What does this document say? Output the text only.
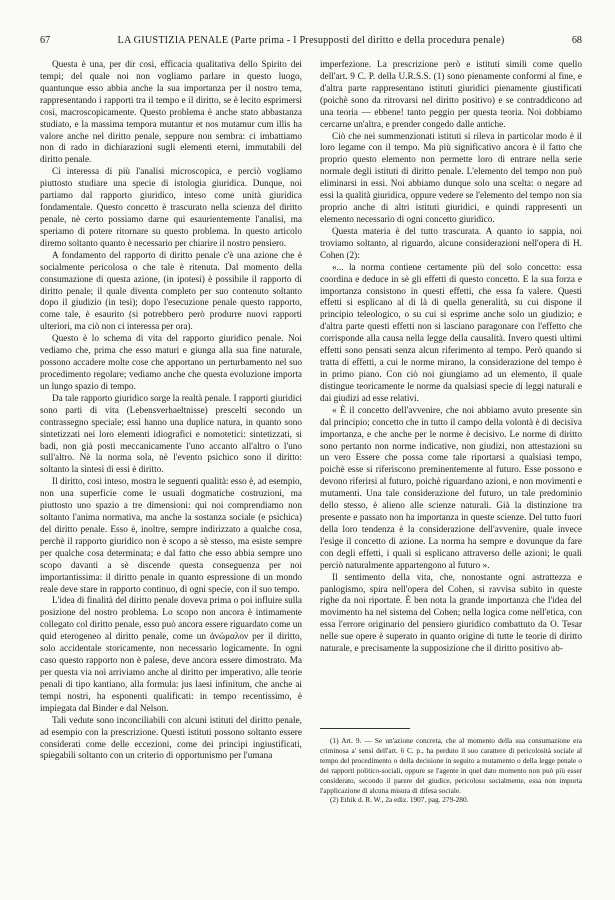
67	LA GIUSTIZIA PENALE (Parte prima - I Presupposti del diritto e della procedura penale)	68

Questa è una, per dir così, efficacia qualitativa dello Spirito dei tempi; del quale noi non vogliamo parlare in questo luogo, quantunque esso abbia anche la sua importanza per il nostro tema, rappresentando i rapporti tra il tempo e il diritto, se è lecito esprimersi così, macroscopicamente. Questo problema è anche stato abbastanza studiato, e la massima tempora mutantur et nos mutamur cum illis ha valore anche nel diritto penale, seppure non sembra: ci imbattiamo non di rado in dichiarazioni sugli elementi eterni, immutabili del diritto penale.

Ci interessa di più l'analisi microscopica, e perciò vogliamo piuttosto studiare una specie di istologia giuridica. Dunque, noi partiamo dal rapporto giuridico, inteso come unità giuridica fondamentale. Questo concetto è trascurato nella scienza del diritto penale, nè certo possiamo darne qui esaurientemente l'analisi, ma speriamo di potere ritornare su questo problema. In questo articolo diremo soltanto quanto è necessario per chiarire il nostro pensiero.

A fondamento del rapporto di diritto penale c'è una azione che è socialmente pericolosa o che tale è ritenuta. Dal momento della consumazione di questa azione, (in ipotesi) è possibile il rapporto di diritto penale; il quale diventa completo per suo contenuto soltanto dopo il giudizio (in tesi); dopo l'esecuzione penale questo rapporto, come tale, è esaurito (si potrebbero però produrre nuovi rapporti ulteriori, ma ciò non ci interessa per ora).

Questo è lo schema di vita del rapporto giuridico penale. Noi vediamo che, prima che esso maturi e giunga alla sua fine naturale, possono accadere molte cose che apportano un perturbamento nel suo procedimento regolare; vediamo anche che questa evoluzione importa un lungo spazio di tempo.

Da tale rapporto giuridico sorge la realtà penale. I rapporti giuridici sono parti di vita (Lebensverhaeltnisse) prescelti secondo un contrassegno speciale; essi hanno una duplice natura, in quanto sono sintetizzati nei loro elementi idiografici e nomotetici: sintetizzati, si badi, non già posti meccanicamente l'uno accanto all'altro o l'uno sull'altro. Nè la norma sola, nè l'evento psichico sono il diritto: soltanto la sintesi di essi è diritto.

Il diritto, così inteso, mostra le seguenti qualità: esso è, ad esempio, non una superficie come le usuali dogmatiche costruzioni, ma piuttosto uno spazio a tre dimensioni: qui noi comprendiamo non soltanto l'anima normativa, ma anche la sostanza sociale (e psichica) del diritto penale. Esso è, inoltre, sempre indirizzato a qualche cosa, perchè il rapporto giuridico non è scopo a sè stesso, ma esiste sempre per qualche cosa determinata; e dal fatto che esso abbia sempre uno scopo davanti a sè discende questa conseguenza per noi importantissima: il diritto penale in quanto espressione di un mondo reale deve stare in rapporto continuo, di ogni specie, con il suo tempo.

L'idea di finalità del diritto penale doveva prima o poi influire sulla posizione del nostro problema. Lo scopo non ancora è intimamente collegato col diritto penale, esso può ancora essere riguardato come un quid eterogeneo al diritto penale, come un ἀνώμαλον per il diritto, solo accidentale storicamente, non necessario logicamente. In ogni caso questo rapporto non è palese, deve ancora essere dimostrato. Ma per questa via noi arriviamo anche al diritto per imperativo, alle teorie penali di tipo kantiano, alla formula: jus laesi infinitum, che anche ai tempi nostri, ha esponenti qualificati: in tempo recentissimo, è impiegata dal Binder e dal Nelson.

Tali vedute sono inconciliabili con alcuni istituti del diritto penale, ad esempio con la prescrizione. Questi istituti possono soltanto essere considerati come delle eccezioni, come dei principi ingiustificati, spiegabili soltanto con un criterio di opportunismo per l'umana

imperfezione. La prescrizione però e istituti simili come quello dell'art. 9 C. P. della U.R.S.S. (1) sono pienamente conformi al fine, e d'altra parte rappresentano istituti giuridici pienamente giustificati (poichè sono da ritrovarsi nel diritto positivo) e se contraddicono ad una teoria — ebbene! tanto peggio per questa teoria. Noi dobbiamo cercarne un'altra, e prender congedo dalle antiche.

Ciò che nei summenzionati istituti si rileva in particolar modo è il loro legame con il tempo. Ma più significativo ancora è il fatto che proprio questo elemento non permette loro di entrare nella serie normale degli istituti di diritto penale. L'elemento del tempo non può eliminarsi in essi. Noi abbiamo dunque solo una scelta: o negare ad essi la qualità giuridica, oppure vedere se l'elemento del tempo non sia proprio anche di altri istituti giuridici, e quindi rappresenti un elemento necessario di ogni concetto giuridico.

Questa materia è del tutto trascurata. A quanto io sappia, noi troviamo soltanto, al riguardo, alcune considerazioni nell'opera di H. Cohen (2):

«... la norma contiene certamente più del solo concetto: essa coordina e deduce in sè gli effetti di questo concetto. E la sua forza e importanza consistono in questi effetti, che essa fa valere. Questi effetti si esplicano al di là di quella generalità, su cui dispone il principio teleologico, o su cui si esprime anche solo un giudizio; e d'altra parte questi effetti non si lasciano paragonare con l'effetto che corrisponde alla causa nella legge della causalità. Invero questi ultimi effetti sono pensati senza alcun riferimento al tempo. Però quando si tratta di effetti, a cui le norme mirano, la considerazione del tempo è in primo piano. Con ciò noi giungiamo ad un elemento, il quale distingue teoricamente le norme da qualsiasi specie di leggi naturali e dai giudizi ad esse relativi.

« È il concetto dell'avvenire, che noi abbiamo avuto presente sin dal principio; concetto che in tutto il campo della volontà è di decisiva importanza, e che anche per le norme è decisivo. Le norme di diritto sono pertanto non norme indicative, non giudizi, non attestazioni su un vero Essere che possa come tale riportarsi a qualsiasi tempo, poichè esse si riferiscono preminentemente al futuro. Esse possono e devono riferirsi al futuro, poichè riguardano azioni, e non movimenti e mutamenti. Una tale considerazione del futuro, un tale predominio dello stesso, è alieno alle scienze naturali. Già la distinzione tra presente e passato non ha importanza in queste scienze. Del tutto fuori della loro tendenza è la considerazione dell'avvenire, quale invece l'esige il concetto di azione. La norma ha sempre e dovunque da fare con degli effetti, i quali si esplicano attraverso delle azioni; le quali perciò naturalmente appartengono al futuro ».

Il sentimento della vita, che, nonostante ogni astrattezza e panlogismo, spira nell'opera del Cohen, si ravvisa subito in queste righe da noi riportate. È ben nota la grande importanza che l'idea del movimento ha nel sistema del Cohen; nella logica come nell'etica, con essa l'errore originario del pensiero giuridico combattuto da O. Tesar nelle sue opere è superato in quanto origine di tutte le teorie di diritto naturale, e precisamente la supposizione che il diritto positivo ab-

(1) Art. 9. — Se un'azione concreta, che al momento della sua consumazione era criminosa a' sensi dell'art. 6 C. p., ha perduto il suo carattere di pericolosità sociale al tempo del procedimento o della decisione in seguito a mutamento o della legge penale o dei rapporti politico-sociali, oppure se l'agente in quel dato momento non può più esser considerato, secondo il parere del giudice, pericoloso socialmente, essa non importa l'applicazione di alcuna misura di difesa sociale.

(2) Ethik d. R. W., 2a ediz. 1907, pag. 279-280.
